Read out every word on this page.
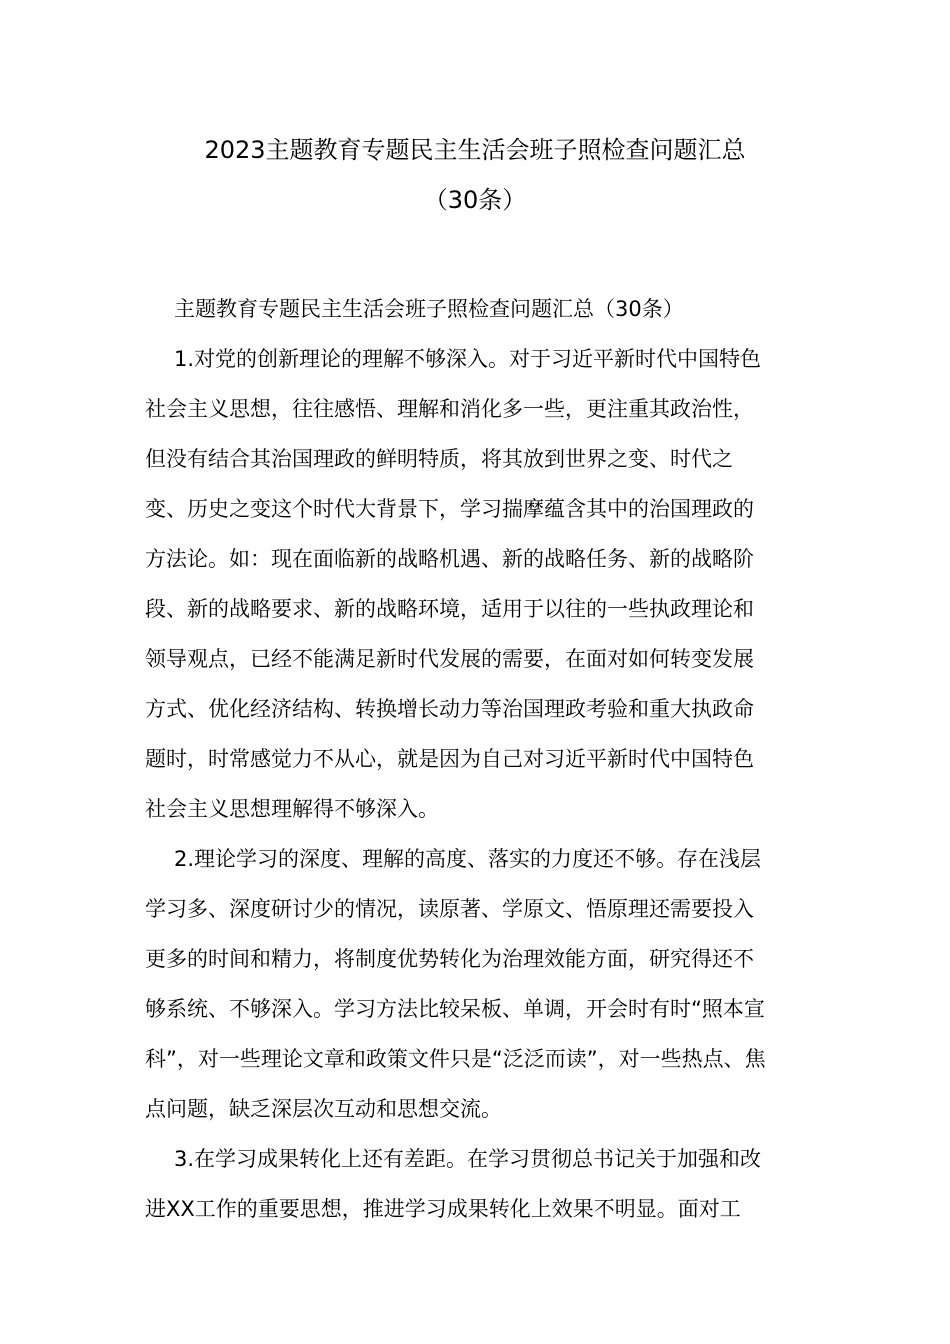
2023主题教育专题民主生活会班子照检查问题汇总
（30条）
主题教育专题民主生活会班子照检查问题汇总（30条）
1.对党的创新理论的理解不够深入。对于习近平新时代中国特色
社会主义思想，往往感悟、理解和消化多一些，更注重其政治性，
但没有结合其治国理政的鲜明特质，将其放到世界之变、时代之
变、历史之变这个时代大背景下，学习揣摩蕴含其中的治国理政的
方法论。如：现在面临新的战略机遇、新的战略任务、新的战略阶
段、新的战略要求、新的战略环境，适用于以往的一些执政理论和
领导观点，已经不能满足新时代发展的需要，在面对如何转变发展
方式、优化经济结构、转换增长动力等治国理政考验和重大执政命
题时，时常感觉力不从心，就是因为自己对习近平新时代中国特色
社会主义思想理解得不够深入。
2.理论学习的深度、理解的高度、落实的力度还不够。存在浅层
学习多、深度研讨少的情况，读原著、学原文、悟原理还需要投入
更多的时间和精力，将制度优势转化为治理效能方面，研究得还不
够系统、不够深入。学习方法比较呆板、单调，开会时有时“照本宣
科”，对一些理论文章和政策文件只是“泛泛而读”，对一些热点、焦
点问题，缺乏深层次互动和思想交流。
3.在学习成果转化上还有差距。在学习贯彻总书记关于加强和改
进XX工作的重要思想，推进学习成果转化上效果不明显。面对工
